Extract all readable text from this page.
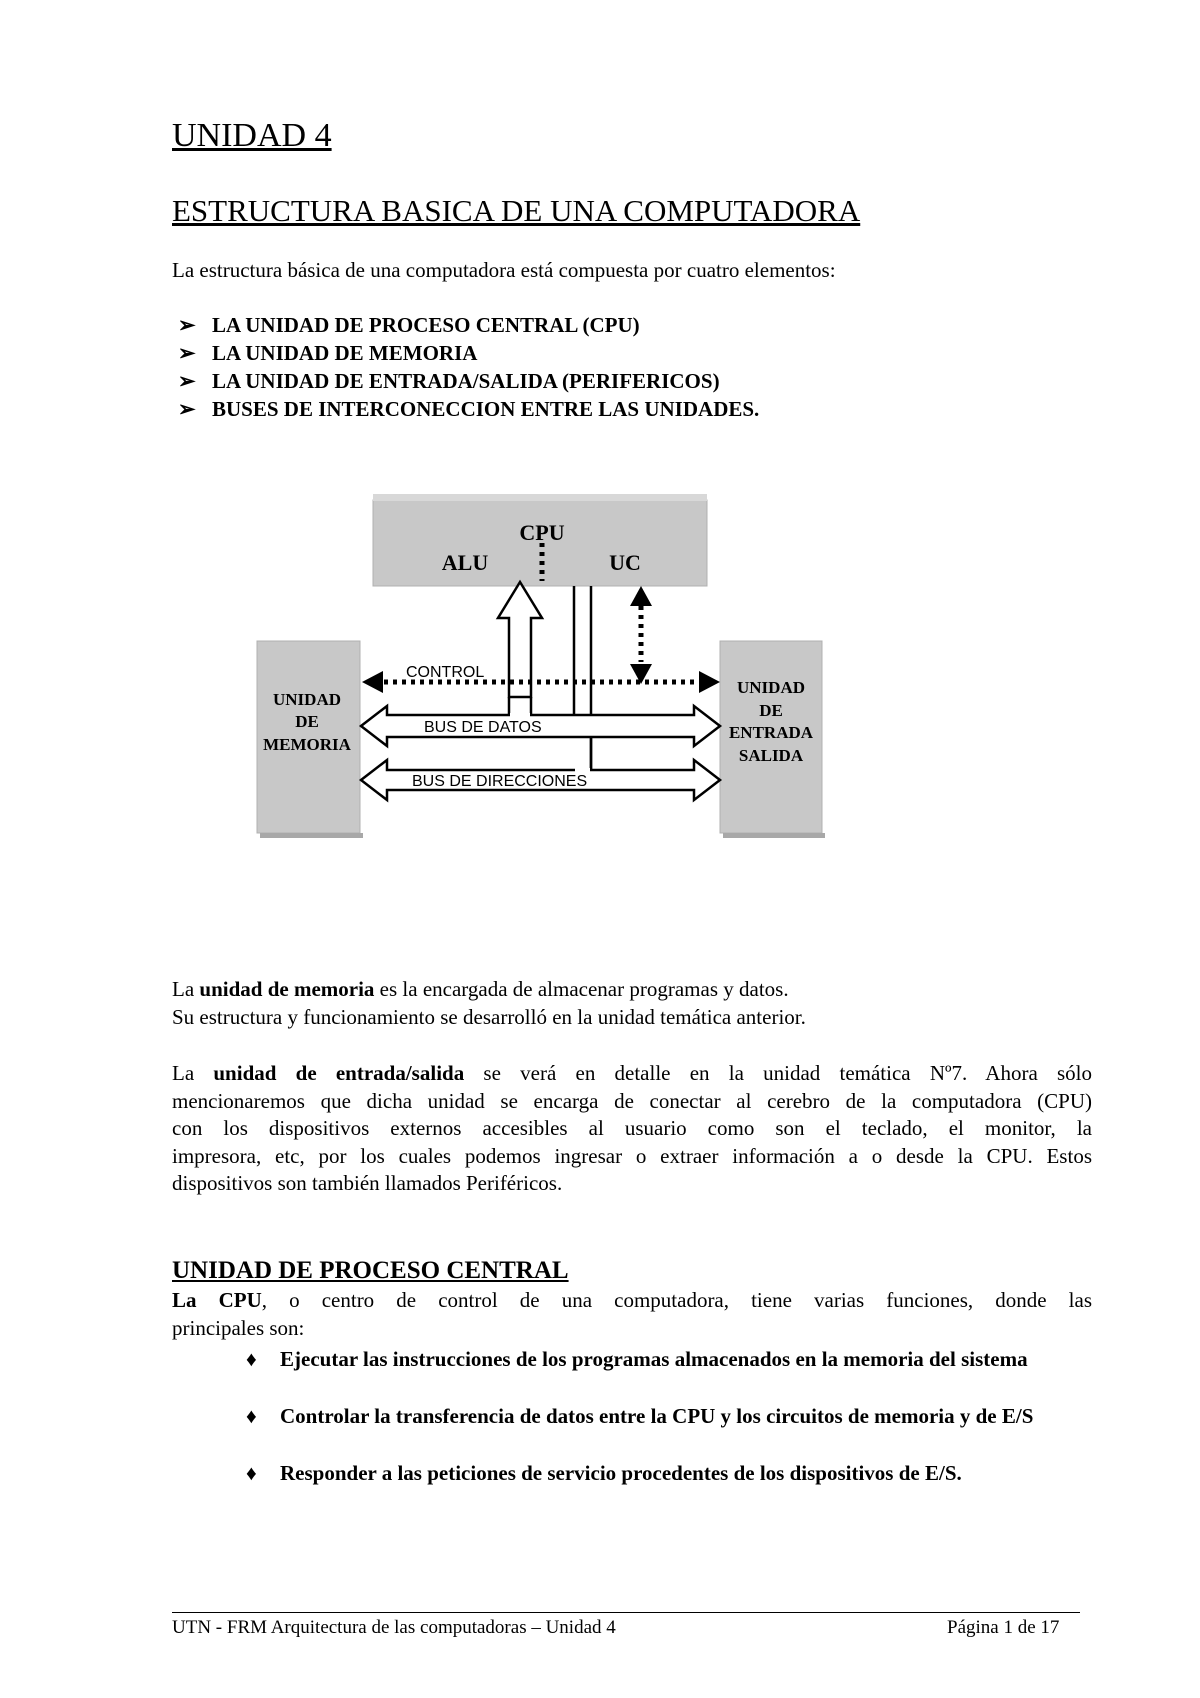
UNIDAD 4
ESTRUCTURA BASICA DE UNA COMPUTADORA
La estructura básica de una computadora está compuesta por cuatro elementos:
➢ LA UNIDAD DE PROCESO CENTRAL (CPU)
➢ LA UNIDAD DE MEMORIA
➢ LA UNIDAD DE ENTRADA/SALIDA (PERIFERICOS)
➢ BUSES DE INTERCONECCION ENTRE LAS UNIDADES.
CPU
ALU	UC
UNIDAD
DE
MEMORIA
UNIDAD
DE
ENTRADA
SALIDA
CONTROL
BUS DE DATOS
BUS DE DIRECCIONES
La unidad de memoria es la encargada de almacenar programas y datos.
Su estructura y funcionamiento se desarrolló en la unidad temática anterior.
La unidad de entrada/salida se verá en detalle en la unidad temática Nº7. Ahora sólo
mencionaremos que dicha unidad se encarga de conectar al cerebro de la computadora (CPU)
con los dispositivos externos accesibles al usuario como son el teclado, el monitor, la
impresora, etc, por los cuales podemos ingresar o extraer información a o desde la CPU. Estos
dispositivos son también llamados Periféricos.
UNIDAD DE PROCESO CENTRAL
La CPU, o centro de control de una computadora, tiene varias funciones, donde las
principales son:
♦ Ejecutar las instrucciones de los programas almacenados en la memoria del sistema
♦ Controlar la transferencia de datos entre la CPU y los circuitos de memoria y de E/S
♦ Responder a las peticiones de servicio procedentes de los dispositivos de E/S.
UTN - FRM Arquitectura de las computadoras – Unidad 4	Página 1 de 17
